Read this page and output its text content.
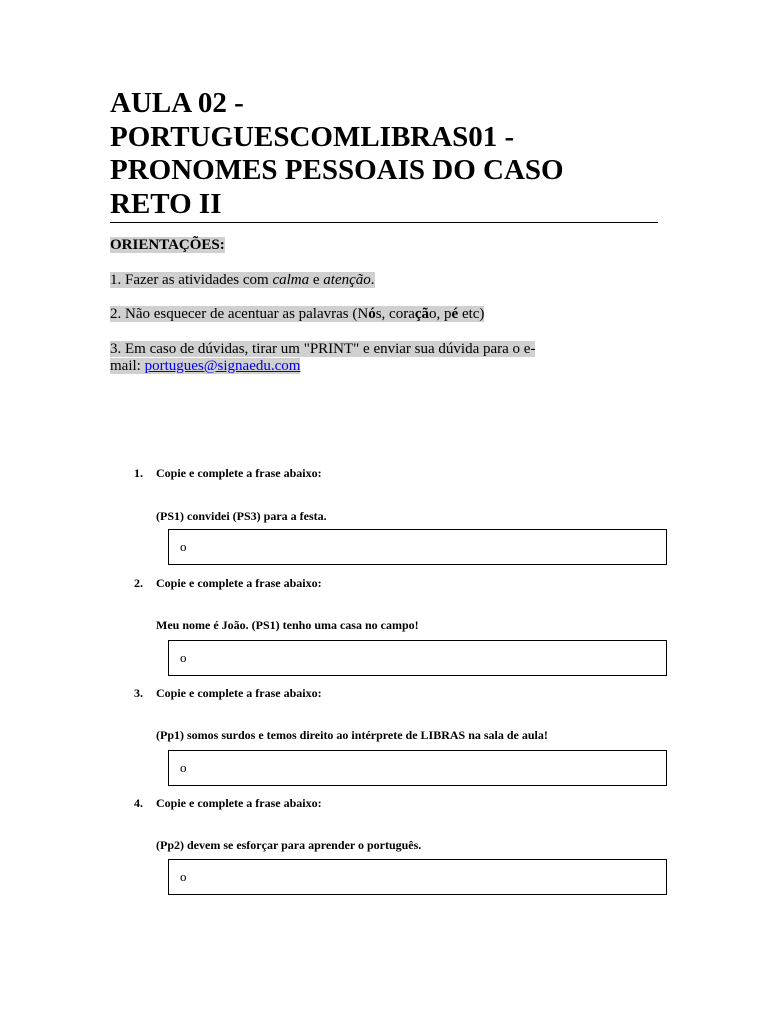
AULA 02 -
PORTUGUESCOMLIBRAS01 -
PRONOMES PESSOAIS DO CASO
RETO II
ORIENTAÇÕES:
1. Fazer as atividades com calma e atenção.
2. Não esquecer de acentuar as palavras (Nós, coração, pé etc)
3. Em caso de dúvidas, tirar um "PRINT" e enviar sua dúvida para o e-mail: portugues@signaedu.com
1. Copie e complete a frase abaixo:
(PS1) convidei (PS3) para a festa.
o
2. Copie e complete a frase abaixo:
Meu nome é João. (PS1) tenho uma casa no campo!
o
3. Copie e complete a frase abaixo:
(Pp1) somos surdos e temos direito ao intérprete de LIBRAS na sala de aula!
o
4. Copie e complete a frase abaixo:
(Pp2) devem se esforçar para aprender o português.
o
